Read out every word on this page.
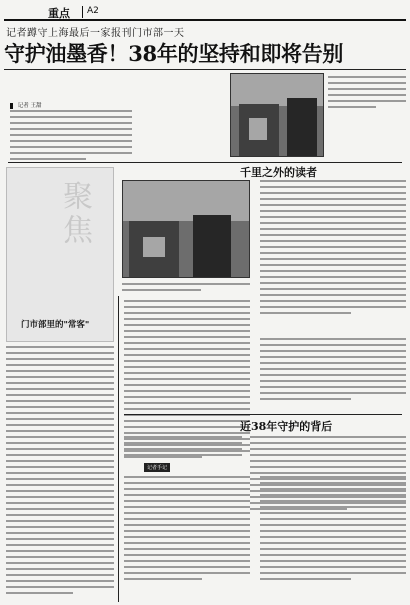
重点 A2
记者蹲守上海最后一家报刊门市部一天
守护油墨香！38年的坚持和即将告别
记者 王甜
聚焦
门市部里的"常客"
千里之外的读者
近38年守护的背后
记者手记
